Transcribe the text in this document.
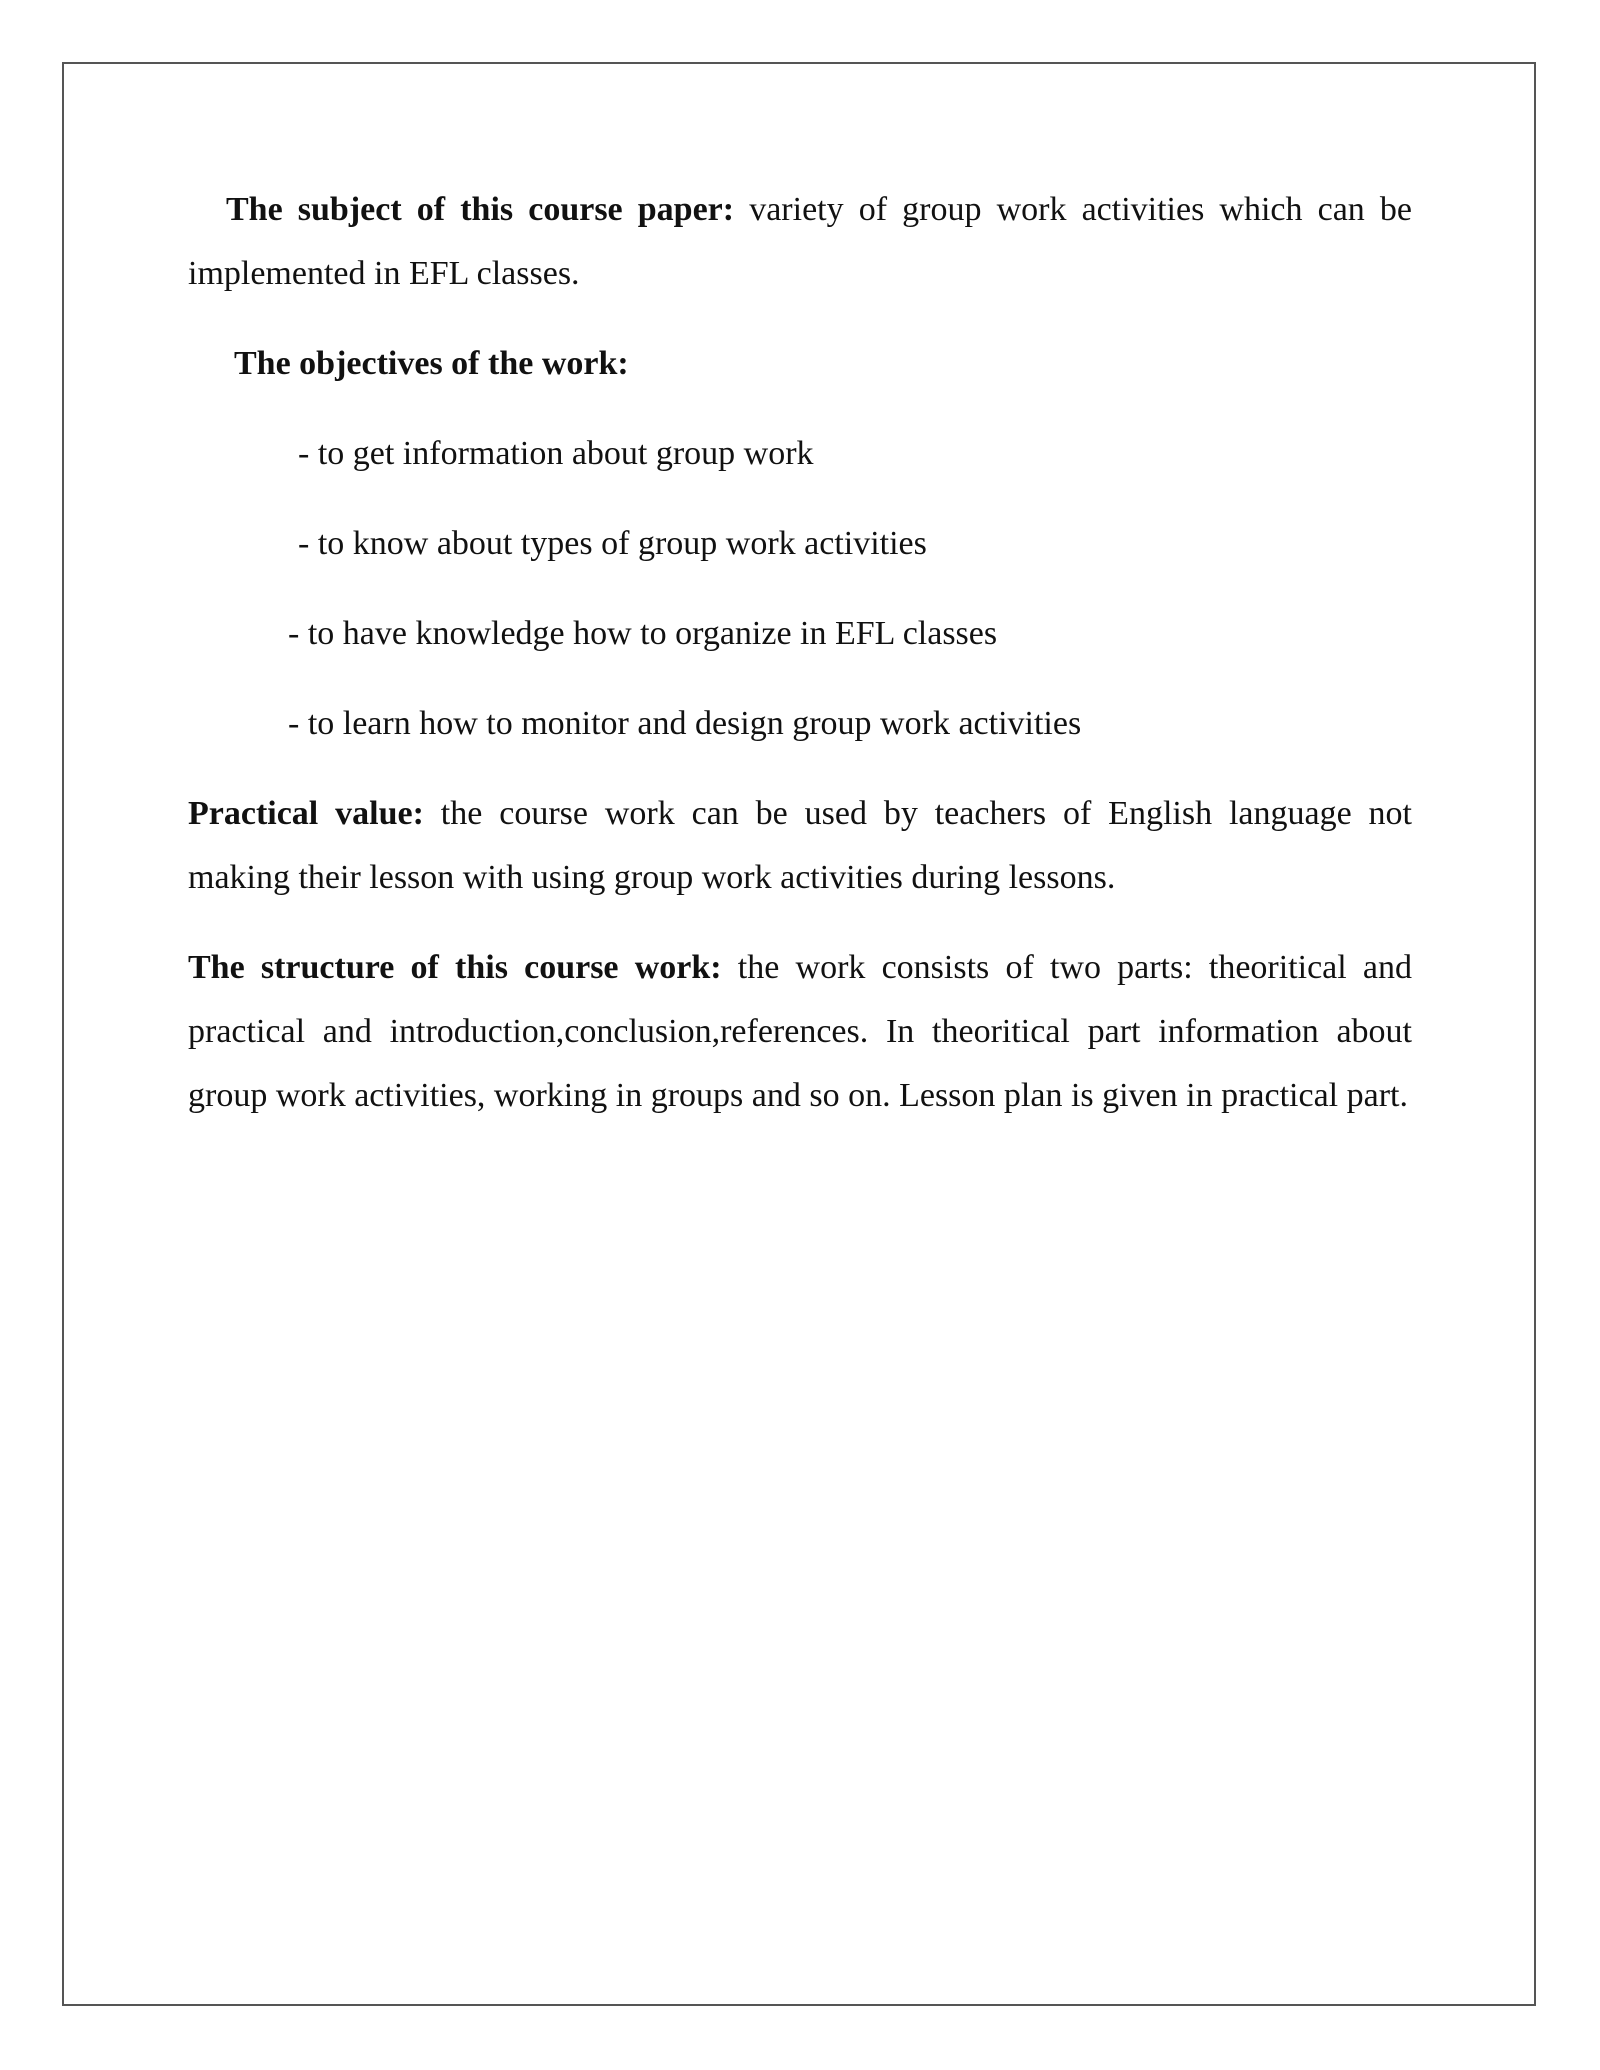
The subject of this course paper: variety of group work activities which can be implemented in EFL classes.

The objectives of the work:

- to get information about group work
- to know about types of group work activities
- to have knowledge how to organize in EFL classes
- to learn how to monitor and design group work activities

Practical value: the course work can be used by teachers of English language not making their lesson with using group work activities during lessons.

The structure of this course work: the work consists of two parts: theoritical and practical and introduction,conclusion,references. In theoritical part information about group work activities, working in groups and so on. Lesson plan is given in practical part.
